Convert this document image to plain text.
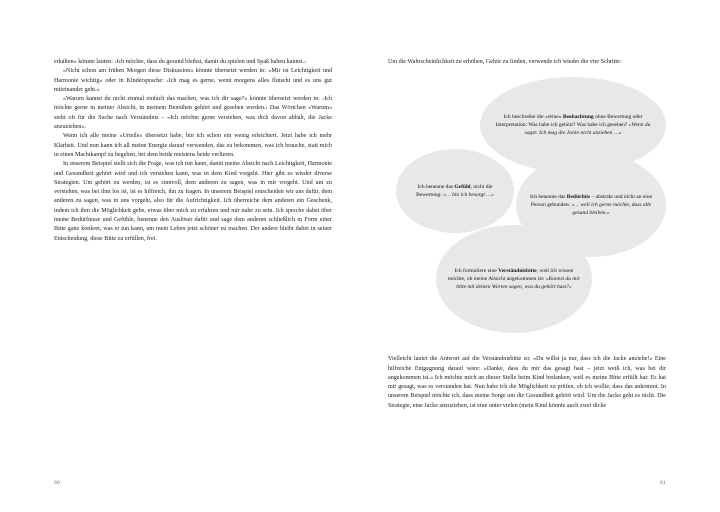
erkälten« könnte lauten: ›Ich möchte, dass du gesund bleibst, damit du spielen und Spaß haben kannst.‹

»Nicht schon am frühen Morgen diese Diskussion« könnte übersetzt werden in: »Mir ist Leichtigkeit und Harmonie wichtig« oder in Kindersprache: ›Ich mag es gerne, wenn morgens alles flutscht und es uns gut miteinander geht.«

»Warum kannst du nicht einmal einfach das machen, was ich dir sage?« könnte übersetzt werden in: ›Ich möchte gerne in meiner Absicht, in meinem Bemühen gehört und gesehen werden.‹ Das Wörtchen »Warum« steht oft für die Suche nach Verständnis – »Ich möchte gerne verstehen, was dich davon abhält, die Jacke anzuziehen«.

Wenn ich alle meine »Urteile« übersetzt habe, bin ich schon ein wenig erleichtert. Jetzt habe ich mehr Klarheit. Und nun kann ich all meine Energie darauf verwenden, das zu bekommen, was ich brauche, statt mich in einen Machtkampf zu begeben, bei dem beide meistens beide verlieren.

In unserem Beispiel stellt sich die Frage, was ich tun kann, damit meine Absicht nach Leichtigkeit, Harmonie und Gesundheit gehört wird und ich verstehen kann, was in dem Kind vorgeht. Hier gibt es wieder diverse Strategien. Um gehört zu werden, ist es sinnvoll, dem anderen zu sagen, was in mir vorgeht. Und um zu verstehen, was bei ihm los ist, ist es hilfreich, ihn zu fragen. In unserem Beispiel entscheiden wir uns dafür, dem anderen zu sagen, was in uns vorgeht, also für die Aufrichtigkeit. Ich überreiche dem anderen ein Geschenk, indem ich ihm die Möglichkeit gebe, etwas über mich zu erfahren und mir nahe zu sein. Ich spreche dabei über meine Bedürfnisse und Gefühle, benenne den Auslöser dafür und sage dem anderen schließlich in Form einer Bitte ganz konkret, was er tun kann, um mein Leben jetzt schöner zu machen. Der andere bleibt dabei in seiner Entscheidung, diese Bitte zu erfüllen, frei.

80

Um die Wahrscheinlichkeit zu erhöhen, Gehör zu finden, verwende ich wieder die vier Schritte:

Ich beschreibe die »reine« Beobachtung ohne Bewertung oder Interpretation: Was habe ich gehört? Was habe ich gesehen? »Wenn du sagst: Ich mag die Jacke nicht anziehen …«
Ich benenne das Gefühl, nicht die Bewertung: »… bin ich besorgt …«	Ich benenne das Bedürfnis – abstrakt und nicht an eine Person gebunden: »… weil ich gerne möchte, dass alle gesund bleiben.«
Ich formuliere eine Verständnisbitte, weil ich wissen möchte, ob meine Absicht angekommen ist: »Kannst du mir bitte mit deinen Worten sagen, was du gehört hast?«

Vielleicht lautet die Antwort auf die Verständnisbitte so: »Du willst ja nur, dass ich die Jacke anziehe!« Eine hilfreiche Entgegnung darauf wäre: »Danke, dass du mir das gesagt hast – jetzt weiß ich, was bei dir angekommen ist.« Ich möchte mich an dieser Stelle beim Kind bedanken, weil es meine Bitte erfüllt hat: Es hat mir gesagt, was es verstanden hat. Nun habe ich die Möglichkeit zu prüfen, ob ich wollte, dass das ankommt. In unserem Beispiel möchte ich, dass meine Sorge um die Gesundheit gehört wird. Um die Jacke geht es nicht. Die Strategie, eine Jacke anzuziehen, ist eine unter vielen (mein Kind könnte auch zwei dicke

81
